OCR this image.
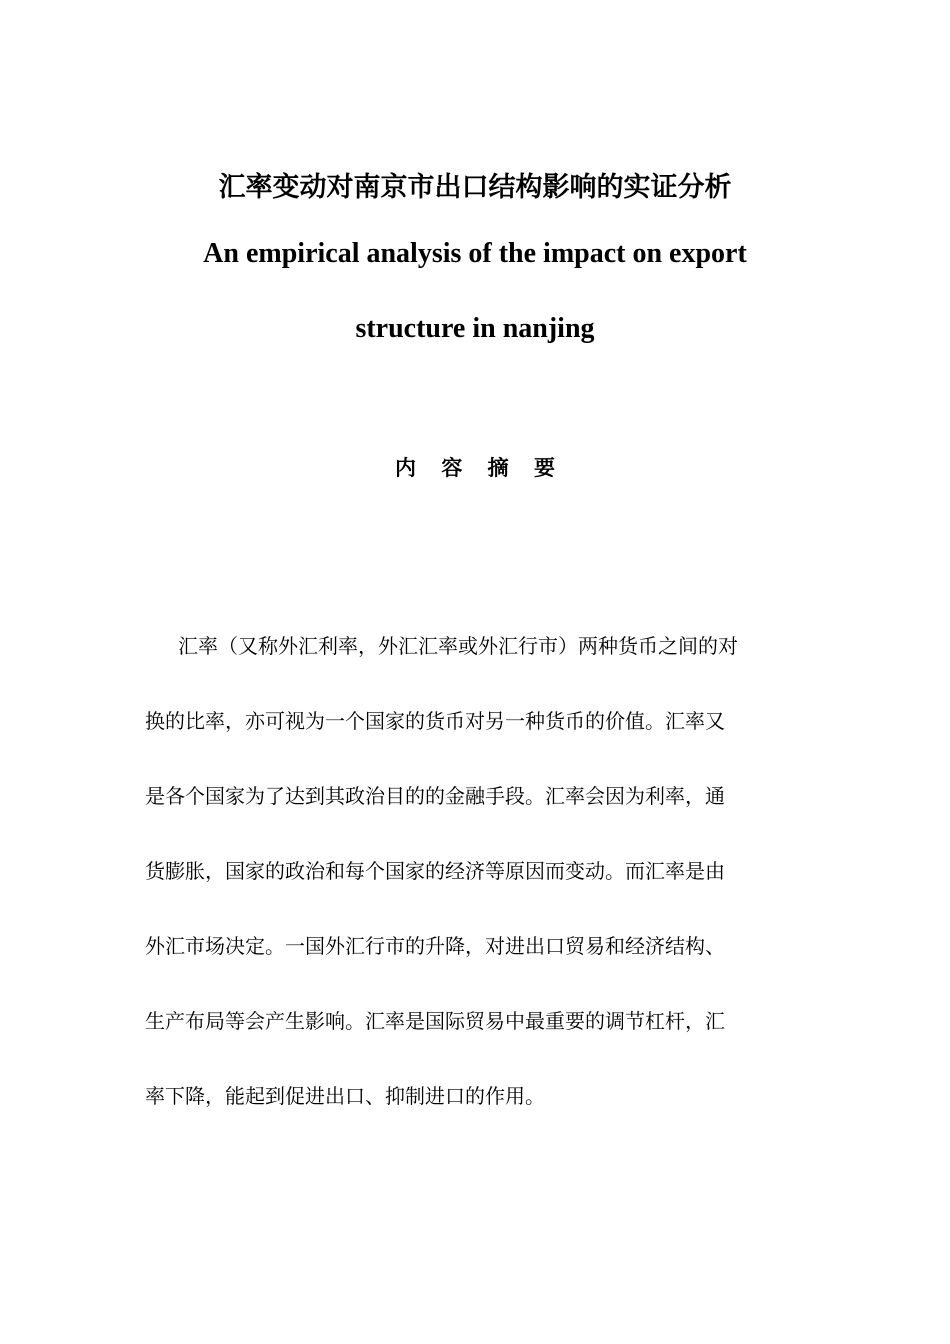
汇率变动对南京市出口结构影响的实证分析
An empirical analysis of the impact on export
structure in nanjing
内 容 摘 要
汇率（又称外汇利率，外汇汇率或外汇行市）两种货币之间的对
换的比率，亦可视为一个国家的货币对另一种货币的价值。汇率又
是各个国家为了达到其政治目的的金融手段。汇率会因为利率，通
货膨胀，国家的政治和每个国家的经济等原因而变动。而汇率是由
外汇市场决定。一国外汇行市的升降，对进出口贸易和经济结构、
生产布局等会产生影响。汇率是国际贸易中最重要的调节杠杆，汇
率下降，能起到促进出口、抑制进口的作用。
